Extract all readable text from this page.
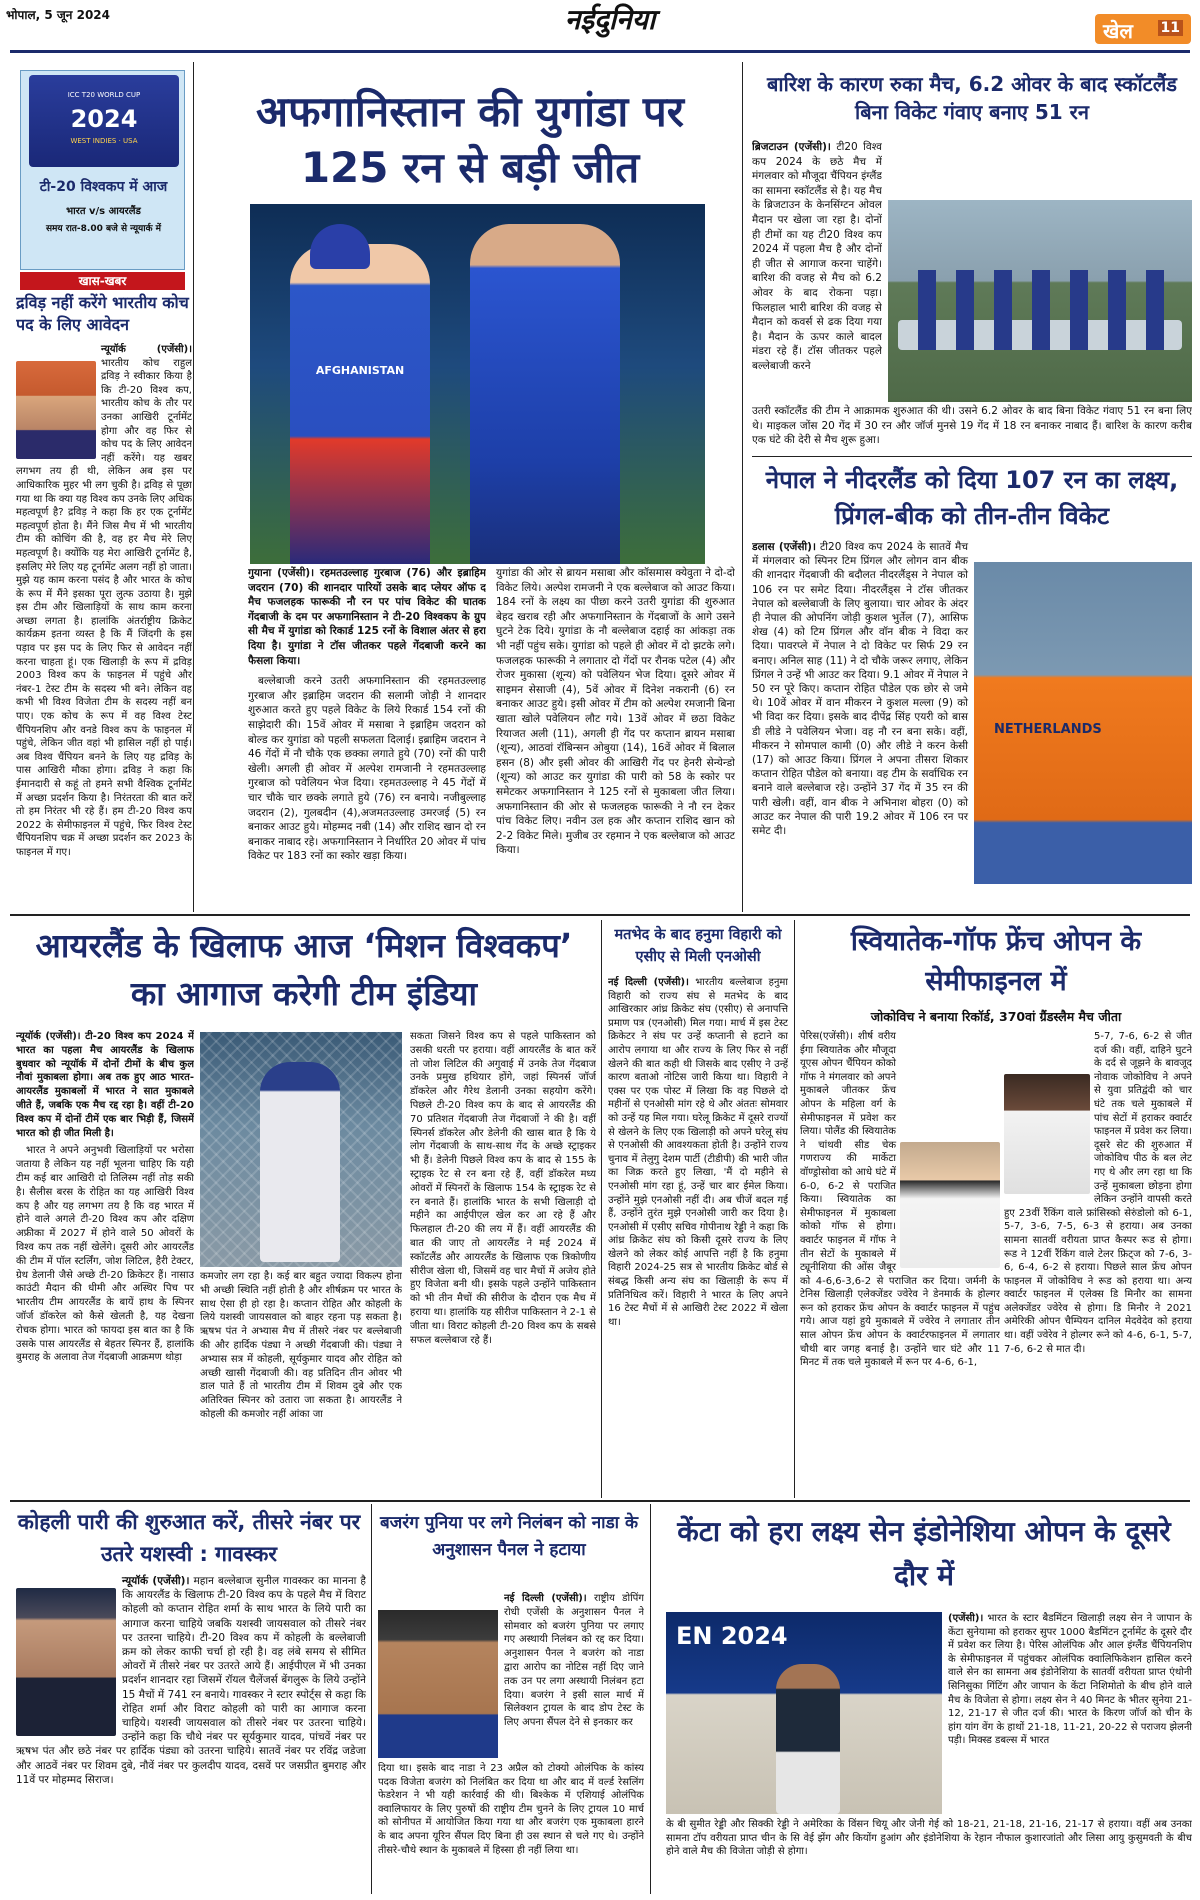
भोपाल, 5 जून 2024	नईदुनिया	खेल 11
ICC T20 WORLD CUP
2024
WEST INDIES · USA
टी-20 विश्वकप में आज
भारत v/s आयरलैंड
समय रात-8.00 बजे से न्यूयार्क में
खास-खबर
द्रविड़ नहीं करेंगे भारतीय कोच पद के लिए आवेदन

न्यूयॉर्क (एजेंसी)। भारतीय कोच राहुल द्रविड़ ने स्वीकार किया है कि टी-20 विश्व कप, भारतीय कोच के तौर पर उनका आखिरी टूर्नामेंट होगा और वह फिर से कोच पद के लिए आवेदन नहीं करेंगे। यह खबर लगभग तय ही थी, लेकिन अब इस पर आधिकारिक मुहर भी लग चुकी है। द्रविड़ से पूछा गया था कि क्या यह विश्व कप उनके लिए अधिक महत्वपूर्ण है? द्रविड़ ने कहा कि हर एक टूर्नामेंट महत्वपूर्ण होता है। मैंने जिस मैच में भी भारतीय टीम की कोचिंग की है, वह हर मैच मेरे लिए महत्वपूर्ण है। क्योंकि यह मेरा आखिरी टूर्नामेंट है, इसलिए मेरे लिए यह टूर्नामेंट अलग नहीं हो जाता। मुझे यह काम करना पसंद है और भारत के कोच के रूप में मैंने इसका पूरा लुत्फ उठाया है। मुझे इस टीम और खिलाड़ियों के साथ काम करना अच्छा लगता है। हालांकि अंतर्राष्ट्रीय क्रिकेट कार्यक्रम इतना व्यस्त है कि मैं जिंदगी के इस पड़ाव पर इस पद के लिए फिर से आवेदन नहीं करना चाहता हूं। एक खिलाड़ी के रूप में द्रविड़ 2003 विश्व कप के फाइनल में पहुंचे और नंबर-1 टेस्ट टीम के सदस्य भी बने। लेकिन वह कभी भी विश्व विजेता टीम के सदस्य नहीं बन पाए। एक कोच के रूप में वह विश्व टेस्ट चैंपियनशिप और वनडे विश्व कप के फाइनल में पहुंचे, लेकिन जीत वहां भी हासिल नहीं हो पाई। अब विश्व चैंपियन बनने के लिए यह द्रविड़ के पास आखिरी मौका होगा। द्रविड़ ने कहा कि ईमानदारी से कहूं तो हमने सभी वैश्विक टूर्नामेंट में अच्छा प्रदर्शन किया है। निरंतरता की बात करें तो हम निरंतर भी रहे हैं। हम टी-20 विश्व कप 2022 के सेमीफाइनल में पहुंचे, फिर विश्व टेस्ट चैंपियनशिप चक्र में अच्छा प्रदर्शन कर 2023 के फाइनल में गए।

अफगानिस्तान की युगांडा पर 125 रन से बड़ी जीत
AFGHANISTAN

गुयाना (एजेंसी)। रहमतउल्लाह गुरबाज (76) और इब्राहिम जदरान (70) की शानदार पारियों उसके बाद प्लेयर ऑफ द मैच फजलहक फारूकी नौ रन पर पांच विकेट की घातक गेंदबाजी के दम पर अफगानिस्तान ने टी-20 विश्वकप के ग्रुप सी मैच में युगांडा को रिकार्ड 125 रनों के विशाल अंतर से हरा दिया है। युगांडा ने टॉस जीतकर पहले गेंदबाजी करने का फैसला किया।

बल्लेबाजी करने उतरी अफगानिस्तान की रहमतउल्लाह गुरबाज और इब्राहिम जदरान की सलामी जोड़ी ने शानदार शुरुआत करते हुए पहले विकेट के लिये रिकार्ड 154 रनों की साझेदारी की। 15वें ओवर में मसाबा ने इब्राहिम जदरान को बोल्ड कर युगांडा को पहली सफलता दिलाई। इब्राहिम जदरान ने 46 गेंदों में नौ चौके एक छक्का लगाते हुये (70) रनों की पारी खेली। अगली ही ओवर में अल्पेश रामजानी ने रहमतउल्लाह गुरबाज को पवेलियन भेज दिया। रहमतउल्लाह ने 45 गेंदों में चार चौके चार छक्के लगाते हुये (76) रन बनाये। नजीबुल्लाह जदरान (2), गुलबदीन (4),अजमतउल्लाह उमरजई (5) रन बनाकर आउट हुये। मोहम्मद नबी (14) और राशिद खान दो रन बनाकर नाबाद रहे। अफगानिस्तान ने निर्धारित 20 ओवर में पांच विकेट पर 183 रनों का स्कोर खड़ा किया।

युगांडा की ओर से ब्रायन मसाबा और कॉसमास क्येवुता ने दो-दो विकेट लिये। अल्पेश रामजनी ने एक बल्लेबाज को आउट किया। 184 रनों के लक्ष्य का पीछा करने उतरी युगांडा की शुरुआत बेहद खराब रही और अफगानिस्तान के गेंदबाजों के आगे उसने घुटने टेक दिये। युगांडा के नौ बल्लेबाज दहाई का आंकड़ा तक भी नहीं पहुंच सके। युगांडा को पहले ही ओवर में दो झटके लगे। फजलहक फारूकी ने लगातार दो गेंदों पर रौनक पटेल (4) और रोजर मुकासा (शून्य) को पवेलियन भेज दिया। दूसरे ओवर में साइमन सेसाजी (4), 5वें ओवर में दिनेश नकरानी (6) रन बनाकर आउट हुये। इसी ओवर में टीम को अल्पेश रमजानी बिना खाता खोले पवेलियन लौट गये। 13वें ओवर में छठा विकेट रियाजत अली (11), अगली ही गेंद पर कप्तान ब्रायन मसाबा (शून्य), आठवां रॉबिन्सन ओबुया (14), 16वें ओवर में बिलाल हसन (8) और इसी ओवर की आखिरी गेंद पर हेनरी सेन्येन्डो (शून्य) को आउट कर युगांडा की पारी को 58 के स्कोर पर समेटकर अफगानिस्तान ने 125 रनों से मुकाबला जीत लिया।अफगानिस्तान की ओर से फजलहक फारूकी ने नौ रन देकर पांच विकेट लिए। नवीन उल हक और कप्तान राशिद खान को 2-2 विकेट मिले। मुजीब उर रहमान ने एक बल्लेबाज को आउट किया।

बारिश के कारण रुका मैच, 6.2 ओवर के बाद स्कॉटलैंड बिना विकेट गंवाए बनाए 51 रन

ब्रिजटाउन (एजेंसी)। टी20 विश्व कप 2024 के छठे मैच में मंगलवार को मौजूदा चैंपियन इंग्लैंड का सामना स्कॉटलैंड से है। यह मैच के ब्रिजटाउन के केनसिंग्टन ओवल मैदान पर खेला जा रहा है। दोनों ही टीमों का यह टी20 विश्व कप 2024 में पहला मैच है और दोनों ही जीत से आगाज करना चाहेंगे। बारिश की वजह से मैच को 6.2 ओवर के बाद रोकना पड़ा। फिलहाल भारी बारिश की वजह से मैदान को कवर्स से ढक दिया गया है। मैदान के ऊपर काले बादल मंडरा रहे हैं। टॉस जीतकर पहले बल्लेबाजी करने

उतरी स्कॉटलैंड की टीम ने आक्रामक शुरुआत की थी। उसने 6.2 ओवर के बाद बिना विकेट गंवाए 51 रन बना लिए थे। माइकल जोंस 20 गेंद में 30 रन और जॉर्ज मुनसे 19 गेंद में 18 रन बनाकर नाबाद हैं। बारिश के कारण करीब एक घंटे की देरी से मैच शुरू हुआ।

नेपाल ने नीदरलैंड को दिया 107 रन का लक्ष्य, प्रिंगल-बीक को तीन-तीन विकेट
NETHERLANDS

डलास (एजेंसी)। टी20 विश्व कप 2024 के सातवें मैच में मंगलवार को स्पिनर टिम प्रिंगल और लोगन वान बीक की शानदार गेंदबाजी की बदौलत नीदरलैंड्स ने नेपाल को 106 रन पर समेट दिया। नीदरलैंड्स ने टॉस जीतकर नेपाल को बल्लेबाजी के लिए बुलाया। चार ओवर के अंदर ही नेपाल की ओपनिंग जोड़ी कुशल भुर्तेल (7), आसिफ शेख (4) को टिम प्रिंगल और वॉन बीक ने विदा कर दिया। पावरप्ले में नेपाल ने दो विकेट पर सिर्फ 29 रन बनाए। अनिल साह (11) ने दो चौके जरूर लगाए, लेकिन प्रिंगल ने उन्हें भी आउट कर दिया। 9.1 ओवर में नेपाल ने 50 रन पूरे किए। कप्तान रोहित पौडेल एक छोर से जमे थे। 10वें ओवर में वान मीकरन ने कुशल मल्ला (9) को भी विदा कर दिया। इसके बाद दीपेंद्र सिंह एयरी को बास डी लीडे ने पवेलियन भेजा। वह नौ रन बना सके। वहीं, मीकरन ने सोमपाल कामी (0) और लीडे ने करन केसी (17) को आउट किया। प्रिंगल ने अपना तीसरा शिकार कप्तान रोहित पौडेल को बनाया। वह टीम के सर्वाधिक रन बनाने वाले बल्लेबाज रहे। उन्होंने 37 गेंद में 35 रन की पारी खेली। वहीं, वान बीक ने अभिनाश बोहरा (0) को आउट कर नेपाल की पारी 19.2 ओवर में 106 रन पर समेट दी।

आयरलैंड के खिलाफ आज ‘मिशन विश्वकप’ का आगाज करेगी टीम इंडिया

न्यूयॉर्क (एजेंसी)। टी-20 विश्व कप 2024 में भारत का पहला मैच आयरलैंड के खिलाफ बुधवार को न्यूयॉर्क में दोनों टीमों के बीच कुल नौवां मुकाबला होगा। अब तक हुए आठ भारत-आयरलैंड मुकाबलों में भारत ने सात मुकाबले जीते हैं, जबकि एक मैच रद्द रहा है। वहीं टी-20 विश्व कप में दोनों टीमें एक बार भिड़ी हैं, जिसमें भारत को ही जीत मिली है।

भारत ने अपने अनुभवी खिलाड़ियों पर भरोसा जताया है लेकिन यह नहीं भूलना चाहिए कि यही टीम कई बार आखिरी दो तिलिस्म नहीं तोड़ सकी है। सैलीस बरस के रोहित का यह आखिरी विश्व कप है और यह लगभग तय है कि वह भारत में होने वाले अगले टी-20 विश्व कप और दक्षिण अफ्रीका में 2027 में होने वाले 50 ओवरों के विश्व कप तक नहीं खेलेंगे। दूसरी ओर आयरलैंड की टीम में पॉल स्टर्लिंग, जोश लिटिल, हैरी टेक्टर, ग्रेथ डेलानी जैसे अच्छे टी-20 क्रिकेटर हैं। नासाउ काउंटी मैदान की धीमी और अस्थिर पिच पर भारतीय टीम आयरलैंड के बायें हाथ के स्पिनर जॉर्ज डॉकरेल को कैसे खेलती है, यह देखना रोचक होगा। भारत को फायदा इस बात का है कि उसके पास आयरलैंड से बेहतर स्पिनर हैं, हालांकि बुमराह के अलावा तेज गेंदबाजी आक्रमण थोड़ा

कमजोर लग रहा है। कई बार बहुत ज्यादा विकल्प होना भी अच्छी स्थिति नहीं होती है और शीर्षक्रम पर भारत के साथ ऐसा ही हो रहा है। कप्तान रोहित और कोहली के लिये यशस्वी जायसवाल को बाहर रहना पड़ सकता है। ऋषभ पंत ने अभ्यास मैच में तीसरे नंबर पर बल्लेबाजी की और हार्दिक पंड्या ने अच्छी गेंदबाजी की। पंड्या ने अभ्यास सत्र में कोहली, सूर्यकुमार यादव और रोहित को अच्छी खासी गेंदबाजी की। वह प्रतिदिन तीन ओवर भी डाल पाते हैं तो भारतीय टीम में शिवम दुबे और एक अतिरिक्त स्पिनर को उतारा जा सकता है। आयरलैंड ने कोहली की कमजोर नहीं आंका जा

सकता जिसने विश्व कप से पहले पाकिस्तान को उसकी धरती पर हराया। वहीं आयरलैंड के बात करें तो जोश लिटिल की अगुवाई में उनके तेज गेंदबाज उनके प्रमुख हथियार होंगे, जहां स्पिनर्स जॉर्ज डॉकरेल और गैरेथ डेलानी उनका सहयोग करेंगे। पिछले टी-20 विश्व कप के बाद से आयरलैंड की 70 प्रतिशत गेंदबाजी तेज गेंदबाजों ने की है। वहीं स्पिनर्स डॉकरेल और डेलेनी की खास बात है कि ये लोग गेंदबाजी के साथ-साथ गेंद के अच्छे स्ट्राइकर भी हैं। डेलेनी पिछले विश्व कप के बाद से 155 के स्ट्राइक रेट से रन बना रहे हैं, वहीं डॉकरेल मध्य ओवरों में स्पिनरों के खिलाफ 154 के स्ट्राइक रेट से रन बनाते हैं। हालांकि भारत के सभी खिलाड़ी दो महीने का आईपीएल खेल कर आ रहे हैं और फिलहाल टी-20 की लय में हैं। वहीं आयरलैंड की बात की जाए तो आयरलैंड ने मई 2024 में स्कॉटलैंड और आयरलैंड के खिलाफ एक त्रिकोणीय सीरीज खेला थी, जिसमें वह चार मैचों में अजेय होते हुए विजेता बनी थी। इसके पहले उन्होंने पाकिस्तान को भी तीन मैचों की सीरीज के दौरान एक मैच में हराया था। हालांकि यह सीरीज पाकिस्तान ने 2-1 से जीता था। विराट कोहली टी-20 विश्व कप के सबसे सफल बल्लेबाज रहे हैं।

मतभेद के बाद हनुमा विहारी को एसीए से मिली एनओसी

नई दिल्ली (एजेंसी)। भारतीय बल्लेबाज हनुमा विहारी को राज्य संघ से मतभेद के बाद आखिरकार आंध्र क्रिकेट संघ (एसीए) से अनापत्ति प्रमाण पत्र (एनओसी) मिल गया। मार्च में इस टेस्ट क्रिकेटर ने संघ पर उन्हें कप्तानी से हटाने का आरोप लगाया था और राज्य के लिए फिर से नहीं खेलने की बात कही थी जिसके बाद एसीए ने उन्हें कारण बताओ नोटिस जारी किया था। विहारी ने एक्स पर एक पोस्ट में लिखा कि वह पिछले दो महीनों से एनओसी मांग रहे थे और अंततः सोमवार को उन्हें यह मिल गया। घरेलू क्रिकेट में दूसरे राज्यों से खेलने के लिए एक खिलाड़ी को अपने घरेलू संघ से एनओसी की आवश्यकता होती है। उन्होंने राज्य चुनाव में तेलुगु देशम पार्टी (टीडीपी) की भारी जीत का जिक्र करते हुए लिखा, 'मैं दो महीने से एनओसी मांग रहा हूं, उन्हें चार बार ईमेल किया। उन्होंने मुझे एनओसी नहीं दी। अब चीजें बदल गई हैं, उन्होंने तुरंत मुझे एनओसी जारी कर दिया है। एनओसी में एसीए सचिव गोपीनाथ रेड्डी ने कहा कि आंध्र क्रिकेट संघ को किसी दूसरे राज्य के लिए खेलने को लेकर कोई आपत्ति नहीं है कि हनुमा विहारी 2024-25 सत्र से भारतीय क्रिकेट बोर्ड से संबद्ध किसी अन्य संघ का खिलाड़ी के रूप में प्रतिनिधित्व करें। विहारी ने भारत के लिए अपने 16 टेस्ट मैचों में से आखिरी टेस्ट 2022 में खेला था।

स्वियातेक-गॉफ फ्रेंच ओपन के सेमीफाइनल में
जोकोविच ने बनाया रिकॉर्ड, 370वां ग्रैंडस्लैम मैच जीता

पेरिस(एजेंसी)। शीर्ष वरीय ईगा स्वियातेक और मौजूदा यूएस ओपन चैंपियन कोको गॉफ ने मंगलवार को अपने मुकाबले जीतकर फ्रेंच ओपन के महिला वर्ग के सेमीफाइनल में प्रवेश कर लिया। पोलैंड की स्वियातेक ने चांथवी सीड चेक गणराज्य की मार्केटा वॉण्ड्रोसोवा को आधे घंटे में 6-0, 6-2 से पराजित किया। स्वियातेक का सेमीफाइनल में मुकाबला कोको गॉफ से होगा। क्वार्टर फाइनल में गॉफ ने तीन सेटों के मुकाबले में ट्यूनीशिया की ओंस जैबूर को 4-6,6-3,6-2 से पराजित कर दिया। जर्मनी के टेनिस खिलाड़ी एलेक्जेंडर ज्वेरेव ने डेनमार्क के होल्गर रून को हराकर फ्रेंच ओपन के क्वार्टर फाइनल में पहुंच गये। आज यहां हुये मुकाबले में ज्वेरेव ने लगातार तीन साल ओपन फ्रेंच ओपन के क्वार्टरफाइनल में लगातार चौथी बार जगह बनाई है। उन्होंने चार घंटे और 11 मिनट में तक चले मुकाबले में रून पर 4-6, 6-1,

5-7, 7-6, 6-2 से जीत दर्ज की। वहीं, दाहिने घुटने के दर्द से जूझने के बावजूद नोवाक जोकोविच ने अपने से युवा प्रतिद्वंदी को चार घंटे तक चले मुकाबले में पांच सेटों में हराकर क्वार्टर फाइनल में प्रवेश कर लिया। दूसरे सेट की शुरुआत में जोकोविच पीठ के बल लेट गए थे और लग रहा था कि उन्हें मुकाबला छोड़ना होगा लेकिन उन्होंने वापसी करते हुए 23वीं रैंकिंग वाले फ्रांसिस्को सेरुंडोलो को 6-1, 5-7, 3-6, 7-5, 6-3 से हराया। अब उनका सामना सातवीं वरीयता प्राप्त कैस्पर रूड से होगा। रूड ने 12वीं रैंकिंग वाले टेलर फ्रिट्ज को 7-6, 3-6, 6-4, 6-2 से हराया। पिछले साल फ्रेंच ओपन फाइनल में जोकोविच ने रूड को हराया था। अन्य क्वार्टर फाइनल में एलेक्स डि मिनौर का सामना अलेक्जेंडर ज्वेरेव से होगा। डि मिनौर ने 2021 अमेरिकी ओपन चैम्पियन दानिल मेदवेदेव को हराया था। वहीं ज्वेरेव ने होल्गर रूने को 4-6, 6-1, 5-7, 7-6, 6-2 से मात दी।

कोहली पारी की शुरुआत करें, तीसरे नंबर पर उतरे यशस्वी : गावस्कर

न्यूयॉर्क (एजेंसी)। महान बल्लेबाज सुनील गावस्कर का मानना है कि आयरलैंड के खिलाफ टी-20 विश्व कप के पहले मैच में विराट कोहली को कप्तान रोहित शर्मा के साथ भारत के लिये पारी का आगाज करना चाहिये जबकि यशस्वी जायसवाल को तीसरे नंबर पर उतरना चाहिये। टी-20 विश्व कप में कोहली के बल्लेबाजी क्रम को लेकर काफी चर्चा हो रही है। वह लंबे समय से सीमित ओवरों में तीसरे नंबर पर उतरते आये हैं। आईपीएल में भी उनका प्रदर्शन शानदार रहा जिसमें रॉयल चैलेंजर्स बेंगलुरू के लिये उन्होंने 15 मैचों में 741 रन बनाये। गावस्कर ने स्टार स्पोर्ट्स से कहा कि रोहित शर्मा और विराट कोहली को पारी का आगाज करना चाहिये। यशस्वी जायसवाल को तीसरे नंबर पर उतरना चाहिये। उन्होंने कहा कि चौथे नंबर पर सूर्यकुमार यादव, पांचवें नंबर पर ऋषभ पंत और छठे नंबर पर हार्दिक पंड्या को उतरना चाहिये। सातवें नंबर पर रविंद्र जडेजा और आठवें नंबर पर शिवम दुबे, नौवें नंबर पर कुलदीप यादव, दसवें पर जसप्रीत बुमराह और 11वें पर मोहम्मद सिराज।

बजरंग पुनिया पर लगे निलंबन को नाडा के अनुशासन पैनल ने हटाया

नई दिल्ली (एजेंसी)। राष्ट्रीय डोपिंग रोधी एजेंसी के अनुशासन पैनल ने सोमवार को बजरंग पुनिया पर लगाए गए अस्थायी निलंबन को रद्द कर दिया। अनुशासन पैनल ने बजरंग को नाडा द्वारा आरोप का नोटिस नहीं दिए जाने तक उन पर लगा अस्थायी निलंबन हटा दिया। बजरंग ने इसी साल मार्च में सिलेक्शन ट्रायल के बाद डोप टेस्ट के लिए अपना सैंपल देने से इनकार कर

दिया था। इसके बाद नाडा ने 23 अप्रैल को टोक्यो ओलंपिक के कांस्य पदक विजेता बजरंग को निलंबित कर दिया था और बाद में वर्ल्ड रेसलिंग फेडरेशन ने भी यही कार्रवाई की थी। बिश्केक में एशियाई ओलंपिक क्वालिफायर के लिए पुरुषों की राष्ट्रीय टीम चुनने के लिए ट्रायल 10 मार्च को सोनीपत में आयोजित किया गया था और बजरंग एक मुकाबला हारने के बाद अपना यूरिन सैंपल दिए बिना ही उस स्थान से चले गए थे। उन्होंने तीसरे-चौथे स्थान के मुकाबले में हिस्सा ही नहीं लिया था।

केंटा को हरा लक्ष्य सेन इंडोनेशिया ओपन के दूसरे दौर में
EN 2024

(एजेंसी)। भारत के स्टार बैडमिंटन खिलाड़ी लक्ष्य सेन ने जापान के केंटा सुनेयामा को हराकर सुपर 1000 बैडमिंटन टूर्नामेंट के दूसरे दौर में प्रवेश कर लिया है। पेरिस ओलंपिक और आल इंग्लैंड चैंपियनशिप के सेमीफाइनल में पहुंचकर ओलंपिक क्वालिफिकेशन हासिल करने वाले सेन का सामना अब इंडोनेशिया के सातवीं वरीयता प्राप्त एंथोनी सिनिसुका गिंटिंग और जापान के केंटा निशिमोतो के बीच होने वाले मैच के विजेता से होगा। लक्ष्य सेन ने 40 मिनट के भीतर सुनेया 21-12, 21-17 से जीत दर्ज की। भारत के किरण जॉर्ज को चीन के हांग यांग वेंग के हाथों 21-18, 11-21, 20-22 से पराजय झेलनी पड़ी। मिक्स्ड डबल्स में भारत

के बी सुमीत रेड्डी और सिक्की रेड्डी ने अमेरिका के विंसन चियू और जेनी गेई को 18-21, 21-18, 21-16, 21-17 से हराया। वहीं अब उनका सामना टॉप वरीयता प्राप्त चीन के सि वेई झेंग और कियोंग हुआंग और इंडोनेशिया के रेहान नौफाल कुशारजांतो और लिसा आयु कुसुमवती के बीच होने वाले मैच की विजेता जोड़ी से होगा।
